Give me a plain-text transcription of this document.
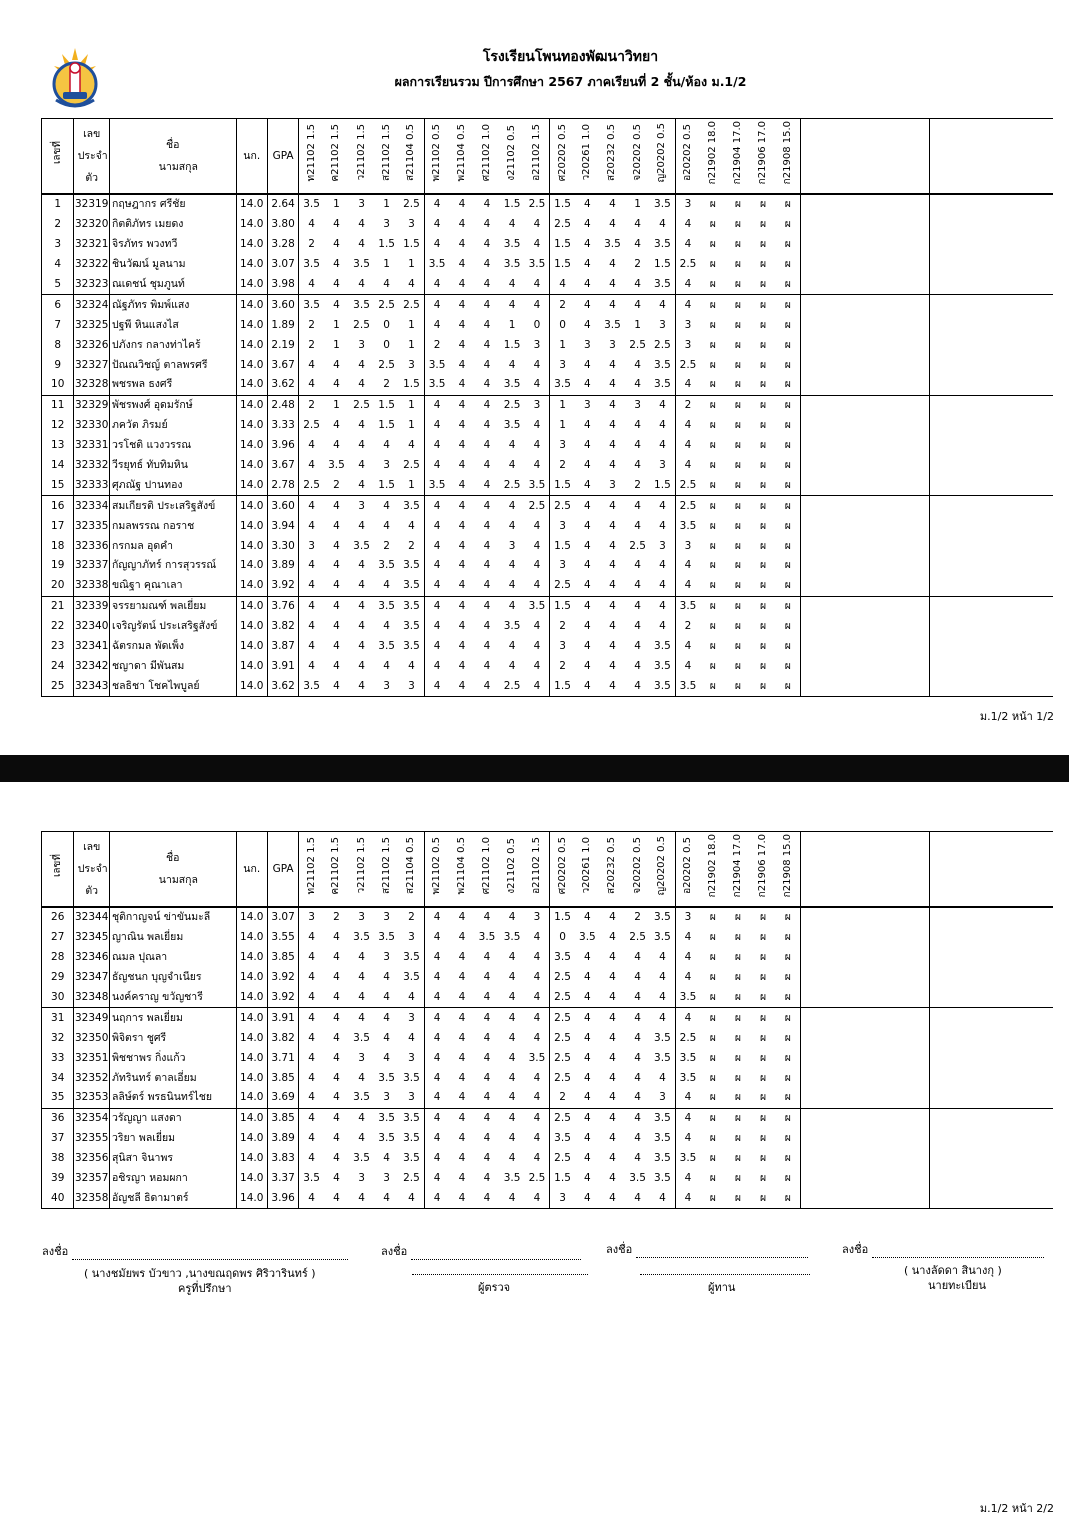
โรงเรียนโพนทองพัฒนาวิทยา
ผลการเรียนรวม ปีการศึกษา 2567 ภาคเรียนที่ 2 ชั้น/ห้อง ม.1/2
เลขที่	เลขประจำตัว	ชื่อ นามสกุล	นก.	GPA	ท21102 1.5	ค21102 1.5	ว21102 1.5	ส21102 1.5	ส21104 0.5	พ21102 0.5	พ21104 0.5	ศ21102 1.0	ง21102 0.5	อ21102 1.5	ศ20202 0.5	ว20261 1.0	ส20232 0.5	จ20202 0.5	ญ20202 0.5	อ20202 0.5	ก21902 18.0	ก21904 17.0	ก21906 17.0	ก21908 15.0		
1	32319	กฤษฎากร ศรีชัย	14.0	2.64	3.5	1	3	1	2.5	4	4	4	1.5	2.5	1.5	4	4	1	3.5	3	ผ	ผ	ผ	ผ		
2	32320	กิตติภัทร เมยดง	14.0	3.80	4	4	4	3	3	4	4	4	4	4	2.5	4	4	4	4	4	ผ	ผ	ผ	ผ		
3	32321	จิรภัทร พวงทวี	14.0	3.28	2	4	4	1.5	1.5	4	4	4	3.5	4	1.5	4	3.5	4	3.5	4	ผ	ผ	ผ	ผ		
4	32322	ชินวัฒน์ มูลนาม	14.0	3.07	3.5	4	3.5	1	1	3.5	4	4	3.5	3.5	1.5	4	4	2	1.5	2.5	ผ	ผ	ผ	ผ		
5	32323	ณเดชน์ ชุมภูนท์	14.0	3.98	4	4	4	4	4	4	4	4	4	4	4	4	4	4	3.5	4	ผ	ผ	ผ	ผ		
6	32324	ณัฐภัทร พิมพ์แสง	14.0	3.60	3.5	4	3.5	2.5	2.5	4	4	4	4	4	2	4	4	4	4	4	ผ	ผ	ผ	ผ		
7	32325	ปฐพี หินแสงไส	14.0	1.89	2	1	2.5	0	1	4	4	4	1	0	0	4	3.5	1	3	3	ผ	ผ	ผ	ผ		
8	32326	ปภังกร กลางท่าไคร้	14.0	2.19	2	1	3	0	1	2	4	4	1.5	3	1	3	3	2.5	2.5	3	ผ	ผ	ผ	ผ		
9	32327	ปัณณวิชญ์ ตาลพรศรี	14.0	3.67	4	4	4	2.5	3	3.5	4	4	4	4	3	4	4	4	3.5	2.5	ผ	ผ	ผ	ผ		
10	32328	พชรพล ธงศรี	14.0	3.62	4	4	4	2	1.5	3.5	4	4	3.5	4	3.5	4	4	4	3.5	4	ผ	ผ	ผ	ผ		
11	32329	พัชรพงศ์ อุดมรักษ์	14.0	2.48	2	1	2.5	1.5	1	4	4	4	2.5	3	1	3	4	3	4	2	ผ	ผ	ผ	ผ		
12	32330	ภควัต ภิรมย์	14.0	3.33	2.5	4	4	1.5	1	4	4	4	3.5	4	1	4	4	4	4	4	ผ	ผ	ผ	ผ		
13	32331	วรโชติ แวงวรรณ	14.0	3.96	4	4	4	4	4	4	4	4	4	4	3	4	4	4	4	4	ผ	ผ	ผ	ผ		
14	32332	วีรยุทธ์ ทับทิมหิน	14.0	3.67	4	3.5	4	3	2.5	4	4	4	4	4	2	4	4	4	3	4	ผ	ผ	ผ	ผ		
15	32333	ศุภณัฐ ปานทอง	14.0	2.78	2.5	2	4	1.5	1	3.5	4	4	2.5	3.5	1.5	4	3	2	1.5	2.5	ผ	ผ	ผ	ผ		
16	32334	สมเกียรติ ประเสริฐสังข์	14.0	3.60	4	4	3	4	3.5	4	4	4	4	2.5	2.5	4	4	4	4	2.5	ผ	ผ	ผ	ผ		
17	32335	กมลพรรณ กอราช	14.0	3.94	4	4	4	4	4	4	4	4	4	4	3	4	4	4	4	3.5	ผ	ผ	ผ	ผ		
18	32336	กรกมล อุดคำ	14.0	3.30	3	4	3.5	2	2	4	4	4	3	4	1.5	4	4	2.5	3	3	ผ	ผ	ผ	ผ		
19	32337	กัญญาภัทร์ การสุวรรณ์	14.0	3.89	4	4	4	3.5	3.5	4	4	4	4	4	3	4	4	4	4	4	ผ	ผ	ผ	ผ		
20	32338	ขณิฐา คุณาเลา	14.0	3.92	4	4	4	4	3.5	4	4	4	4	4	2.5	4	4	4	4	4	ผ	ผ	ผ	ผ		
21	32339	จรรยามณฑ์ พลเยี่ยม	14.0	3.76	4	4	4	3.5	3.5	4	4	4	4	3.5	1.5	4	4	4	4	3.5	ผ	ผ	ผ	ผ		
22	32340	เจริญรัตน์ ประเสริฐสังข์	14.0	3.82	4	4	4	4	3.5	4	4	4	3.5	4	2	4	4	4	4	2	ผ	ผ	ผ	ผ		
23	32341	ฉัตรกมล พัดเพ็ง	14.0	3.87	4	4	4	3.5	3.5	4	4	4	4	4	3	4	4	4	3.5	4	ผ	ผ	ผ	ผ		
24	32342	ชญาดา มีพันสม	14.0	3.91	4	4	4	4	4	4	4	4	4	4	2	4	4	4	3.5	4	ผ	ผ	ผ	ผ		
25	32343	ชลธิชา โชคไพบูลย์	14.0	3.62	3.5	4	4	3	3	4	4	4	2.5	4	1.5	4	4	4	3.5	3.5	ผ	ผ	ผ	ผ		
ม.1/2 หน้า 1/2
เลขที่	เลขประจำตัว	ชื่อ นามสกุล	นก.	GPA	ท21102 1.5	ค21102 1.5	ว21102 1.5	ส21102 1.5	ส21104 0.5	พ21102 0.5	พ21104 0.5	ศ21102 1.0	ง21102 0.5	อ21102 1.5	ศ20202 0.5	ว20261 1.0	ส20232 0.5	จ20202 0.5	ญ20202 0.5	อ20202 0.5	ก21902 18.0	ก21904 17.0	ก21906 17.0	ก21908 15.0		
26	32344	ชุติกาญจน์ ข่าขันมะลี	14.0	3.07	3	2	3	3	2	4	4	4	4	3	1.5	4	4	2	3.5	3	ผ	ผ	ผ	ผ		
27	32345	ญาณิน พลเยี่ยม	14.0	3.55	4	4	3.5	3.5	3	4	4	3.5	3.5	4	0	3.5	4	2.5	3.5	4	ผ	ผ	ผ	ผ		
28	32346	ณมล ปุณลา	14.0	3.85	4	4	4	3	3.5	4	4	4	4	4	3.5	4	4	4	4	4	ผ	ผ	ผ	ผ		
29	32347	ธัญชนก บุญจำเนียร	14.0	3.92	4	4	4	4	3.5	4	4	4	4	4	2.5	4	4	4	4	4	ผ	ผ	ผ	ผ		
30	32348	นงค์คราญ ขวัญชารี	14.0	3.92	4	4	4	4	4	4	4	4	4	4	2.5	4	4	4	4	3.5	ผ	ผ	ผ	ผ		
31	32349	นฤการ พลเยี่ยม	14.0	3.91	4	4	4	4	3	4	4	4	4	4	2.5	4	4	4	4	4	ผ	ผ	ผ	ผ		
32	32350	พิจิตรา ชูศรี	14.0	3.82	4	4	3.5	4	4	4	4	4	4	4	2.5	4	4	4	3.5	2.5	ผ	ผ	ผ	ผ		
33	32351	พิชชาพร กิ่งแก้ว	14.0	3.71	4	4	3	4	3	4	4	4	4	3.5	2.5	4	4	4	3.5	3.5	ผ	ผ	ผ	ผ		
34	32352	ภัทรินทร์ ตาลเอี่ยม	14.0	3.85	4	4	4	3.5	3.5	4	4	4	4	4	2.5	4	4	4	4	3.5	ผ	ผ	ผ	ผ		
35	32353	ลลิษ์ตร์ พรธนินทร์ไชย	14.0	3.69	4	4	3.5	3	3	4	4	4	4	4	2	4	4	4	3	4	ผ	ผ	ผ	ผ		
36	32354	วรัญญา แสงดา	14.0	3.85	4	4	4	3.5	3.5	4	4	4	4	4	2.5	4	4	4	3.5	4	ผ	ผ	ผ	ผ		
37	32355	วริยา พลเยี่ยม	14.0	3.89	4	4	4	3.5	3.5	4	4	4	4	4	3.5	4	4	4	3.5	4	ผ	ผ	ผ	ผ		
38	32356	สุนิสา จินาพร	14.0	3.83	4	4	3.5	4	3.5	4	4	4	4	4	2.5	4	4	4	3.5	3.5	ผ	ผ	ผ	ผ		
39	32357	อชิรญา หอมผกา	14.0	3.37	3.5	4	3	3	2.5	4	4	4	3.5	2.5	1.5	4	4	3.5	3.5	4	ผ	ผ	ผ	ผ		
40	32358	อัญชลี ธิดามาตร์	14.0	3.96	4	4	4	4	4	4	4	4	4	4	3	4	4	4	4	4	ผ	ผ	ผ	ผ		
ลงชื่อ
( นางชมัยพร บัวขาว ,นางขณฤดพร ศิริวารินทร์ )
ครูที่ปรึกษา
ลงชื่อ
ผู้ตรวจ
ลงชื่อ
ผู้ทาน
ลงชื่อ
( นางลัดดา สินางกุ )
นายทะเบียน
ม.1/2 หน้า 2/2
